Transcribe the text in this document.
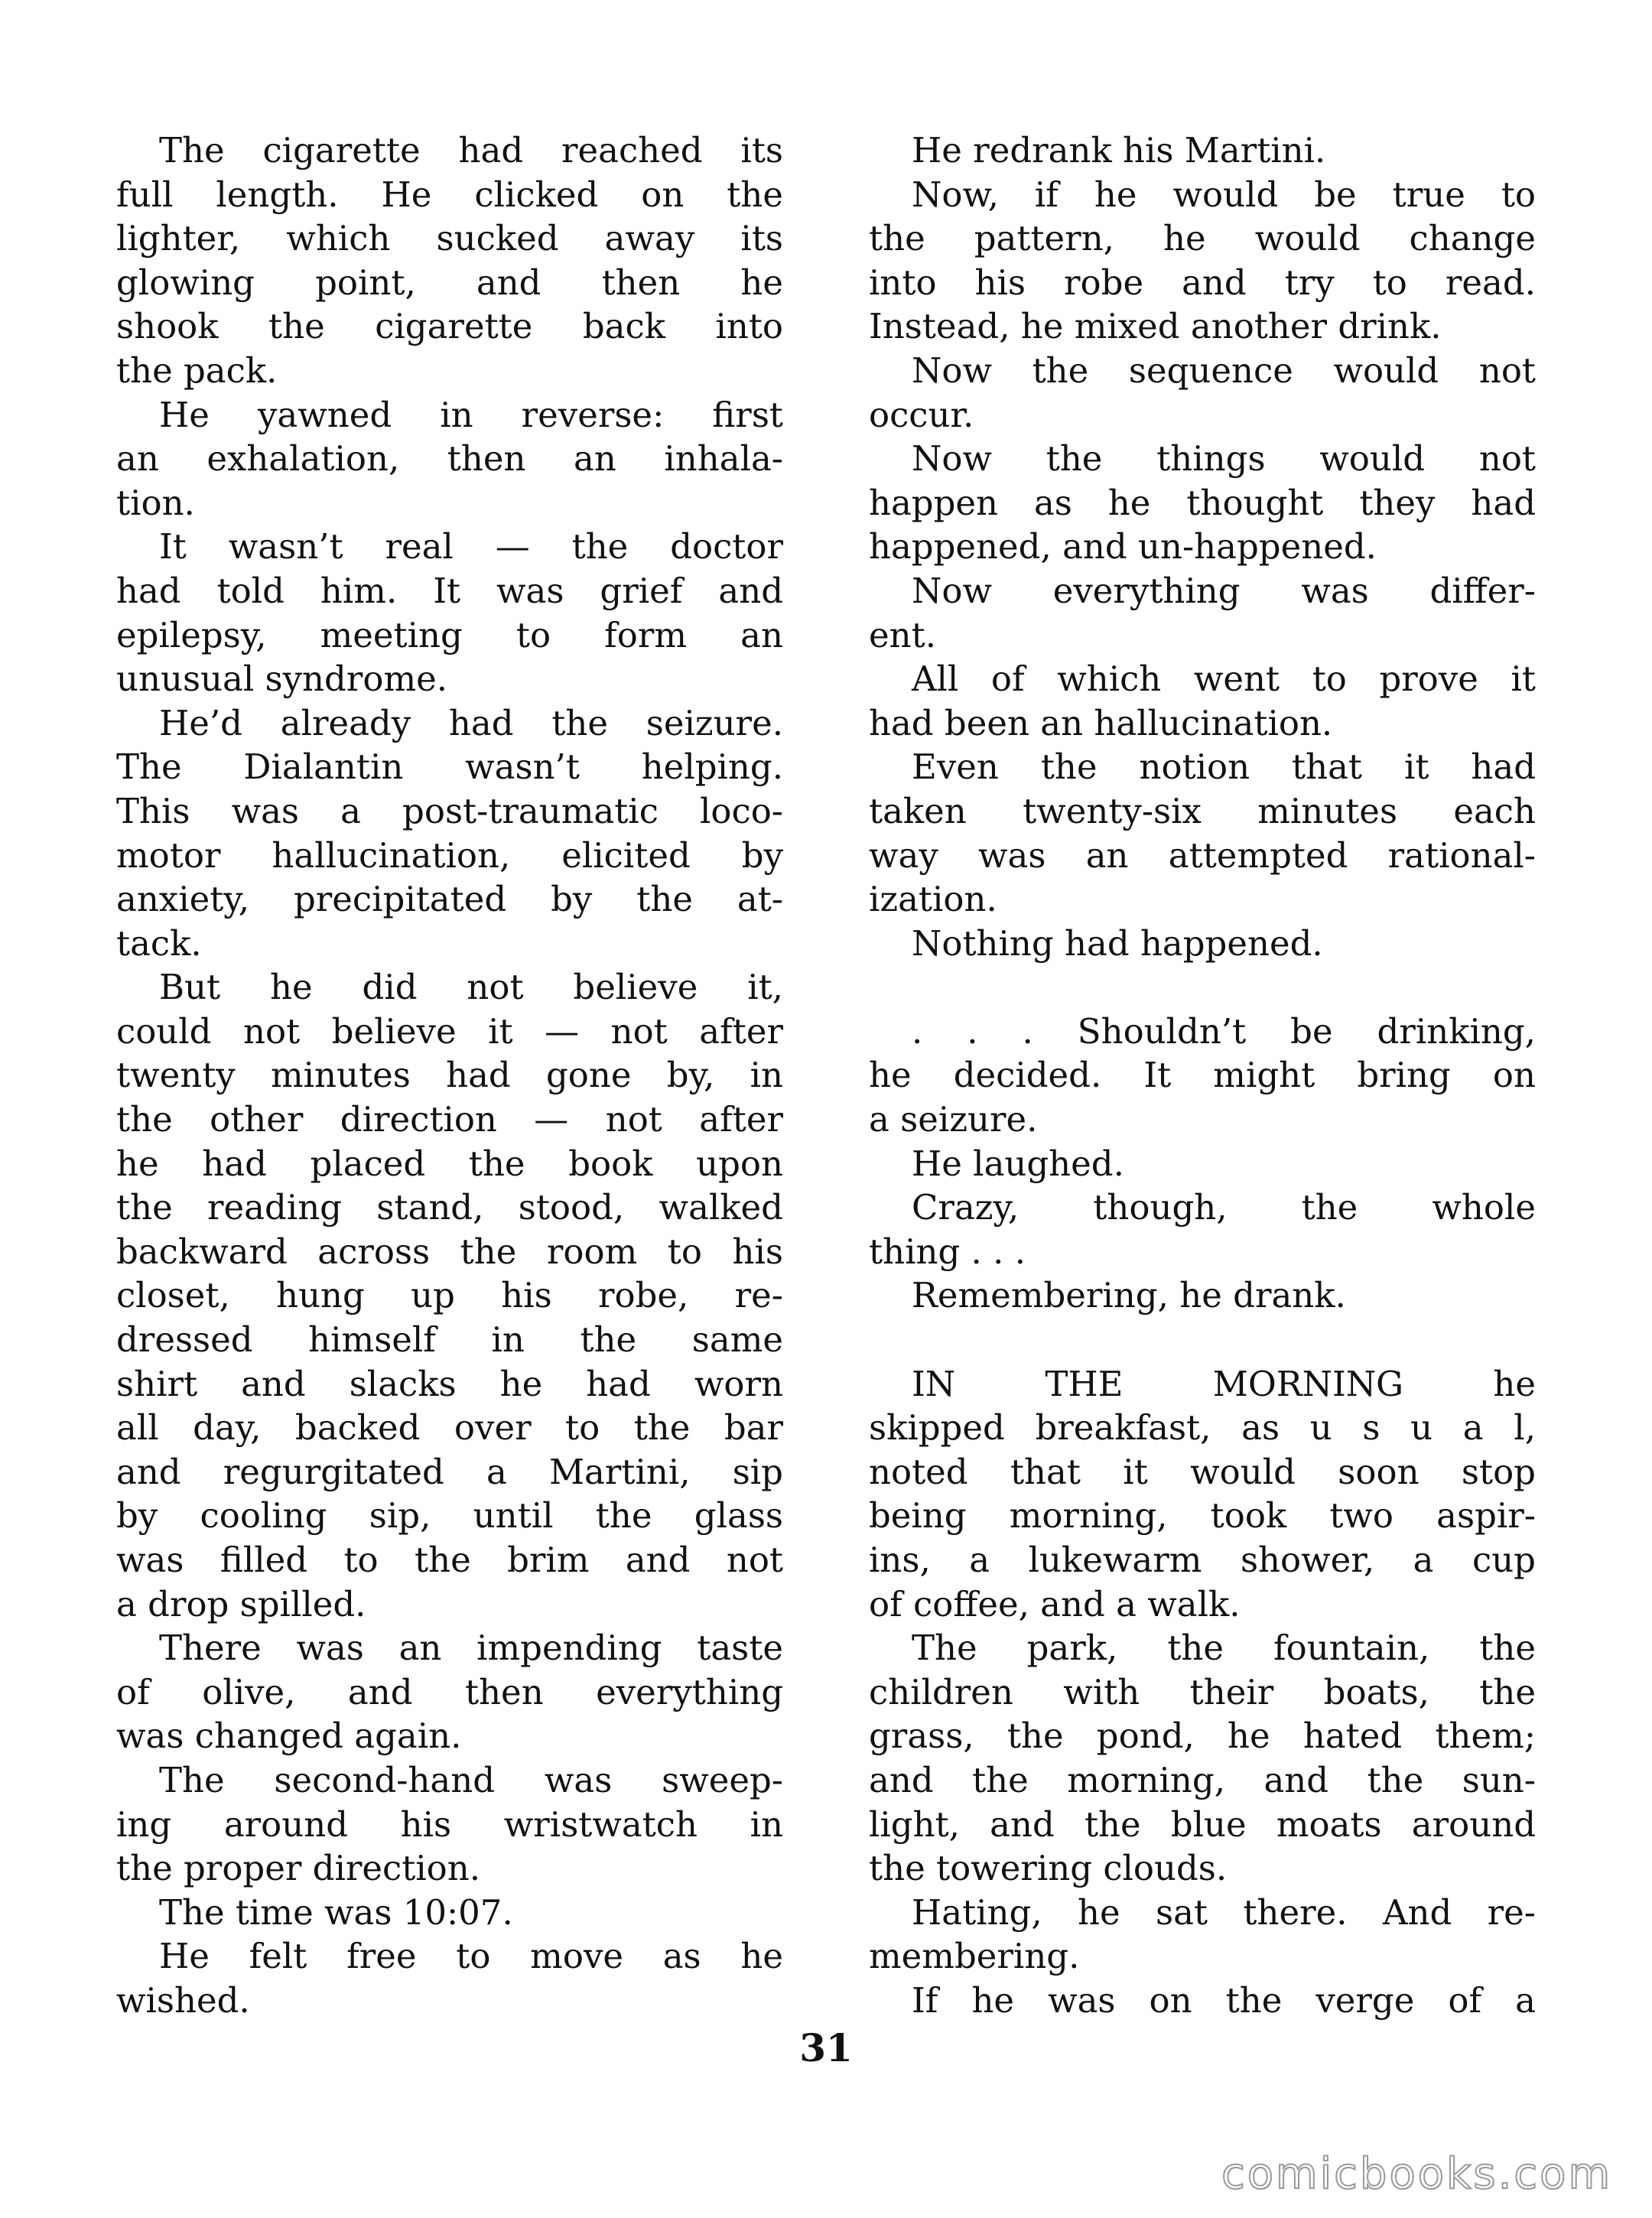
The cigarette had reached its
full length. He clicked on the
lighter, which sucked away its
glowing point, and then he
shook the cigarette back into
the pack.
He yawned in reverse: first
an exhalation, then an inhala-
tion.
It wasn’t real — the doctor
had told him. It was grief and
epilepsy, meeting to form an
unusual syndrome.
He’d already had the seizure.
The Dialantin wasn’t helping.
This was a post-traumatic loco-
motor hallucination, elicited by
anxiety, precipitated by the at-
tack.
But he did not believe it,
could not believe it — not after
twenty minutes had gone by, in
the other direction — not after
he had placed the book upon
the reading stand, stood, walked
backward across the room to his
closet, hung up his robe, re-
dressed himself in the same
shirt and slacks he had worn
all day, backed over to the bar
and regurgitated a Martini, sip
by cooling sip, until the glass
was filled to the brim and not
a drop spilled.
There was an impending taste
of olive, and then everything
was changed again.
The second-hand was sweep-
ing around his wristwatch in
the proper direction.
The time was 10:07.
He felt free to move as he
wished.
He redrank his Martini.
Now, if he would be true to
the pattern, he would change
into his robe and try to read.
Instead, he mixed another drink.
Now the sequence would not
occur.
Now the things would not
happen as he thought they had
happened, and un-happened.
Now everything was differ-
ent.
All of which went to prove it
had been an hallucination.
Even the notion that it had
taken twenty-six minutes each
way was an attempted rational-
ization.
Nothing had happened.
. . . Shouldn’t be drinking,
he decided. It might bring on
a seizure.
He laughed.
Crazy, though, the whole
thing . . .
Remembering, he drank.
IN THE MORNING he
skipped breakfast, as u s u a l,
noted that it would soon stop
being morning, took two aspir-
ins, a lukewarm shower, a cup
of coffee, and a walk.
The park, the fountain, the
children with their boats, the
grass, the pond, he hated them;
and the morning, and the sun-
light, and the blue moats around
the towering clouds.
Hating, he sat there. And re-
membering.
If he was on the verge of a
31
comicbooks.com
